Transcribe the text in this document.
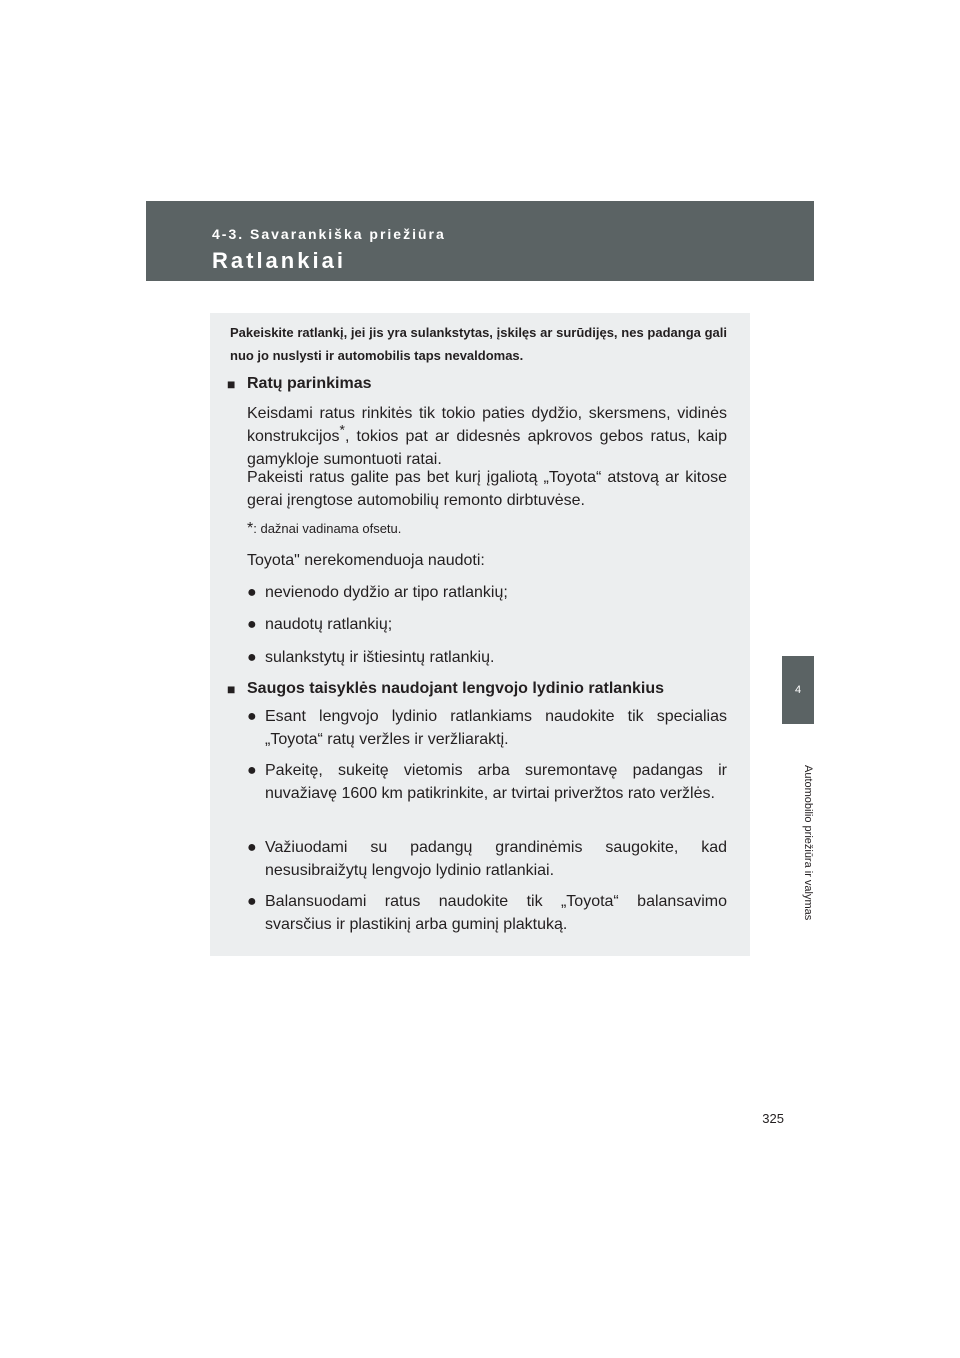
4-3. Savarankiška priežiūra
Ratlankiai
4
Automobilio priežiūra ir valymas
Pakeiskite ratlankį, jei jis yra sulankstytas, įskilęs ar surūdijęs, nes padanga gali nuo jo nuslysti ir automobilis taps nevaldomas.
■ Ratų parinkimas
Keisdami ratus rinkitės tik tokio paties dydžio, skersmens, vidinės konstrukcijos*, tokios pat ar didesnės apkrovos gebos ratus, kaip gamykloje sumontuoti ratai.
Pakeisti ratus galite pas bet kurį įgaliotą „Toyota“ atstovą ar kitose gerai įrengtose automobilių remonto dirbtuvėse.
*: dažnai vadinama ofsetu.
Toyota" nerekomenduoja naudoti:
● nevienodo dydžio ar tipo ratlankių;
● naudotų ratlankių;
● sulankstytų ir ištiesintų ratlankių.
■ Saugos taisyklės naudojant lengvojo lydinio ratlankius
● Esant lengvojo lydinio ratlankiams naudokite tik specialias „Toyota“ ratų veržles ir veržliaraktį.
● Pakeitę, sukeitę vietomis arba suremontavę padangas ir nuvažiavę 1600 km patikrinkite, ar tvirtai priveržtos rato veržlės.
● Važiuodami su padangų grandinėmis saugokite, kad nesusibraižytų lengvojo lydinio ratlankiai.
● Balansuodami ratus naudokite tik „Toyota“ balansavimo svarsčius ir plastikinį arba guminį plaktuką.
325
